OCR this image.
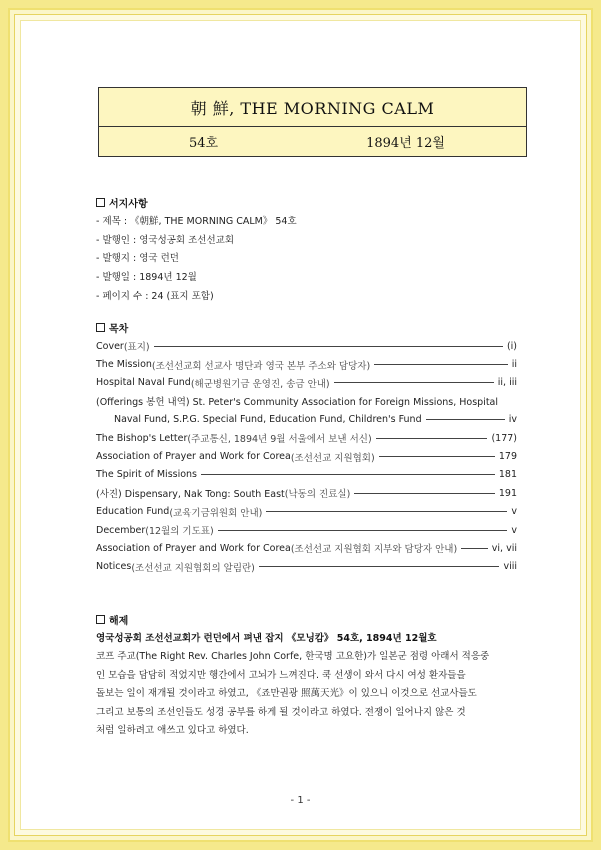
朝 鮮, THE MORNING CALM
54호	1894년 12월
서지사항
- 제목 : 《朝鮮, THE MORNING CALM》 54호
- 발행인 : 영국성공회 조선선교회
- 발행지 : 영국 런던
- 발행일 : 1894년 12월
- 페이지 수 : 24 (표지 포함)
목차
Cover (표지)	(i)
The Mission (조선선교회 선교사 명단과 영국 본부 주소와 담당자)	ii
Hospital Naval Fund (해군병원기금 운영진, 송금 안내)	ii, iii
(Offerings 봉헌 내역) St. Peter's Community Association for Foreign Missions, Hospital
Naval Fund, S.P.G. Special Fund, Education Fund, Children's Fund	iv
The Bishop's Letter (주교통신, 1894년 9월 서울에서 보낸 서신)	(177)
Association of Prayer and Work for Corea (조선선교 지원협회)	179
The Spirit of Missions	181
(사진) Dispensary, Nak Tong: South East (낙동의 진료실)	191
Education Fund (교육기금위원회 안내)	v
December (12월의 기도표)	v
Association of Prayer and Work for Corea (조선선교 지원협회 지부와 담당자 안내)	vi, vii
Notices (조선선교 지원협회의 알림란)	viii
해제
영국성공회 조선선교회가 런던에서 펴낸 잡지 《모닝캄》 54호, 1894년 12월호
코프 주교(The Right Rev. Charles John Corfe, 한국명 고요한)가 일본군 점령 아래서 적응중
인 모습을 담담히 적었지만 행간에서 고뇌가 느껴진다. 쿡 선생이 와서 다시 여성 환자들을
돌보는 일이 재개될 것이라고 하였고, 《죠만권광 照萬天光》이 있으니 이것으로 선교사들도
그리고 보통의 조선인들도 성경 공부를 하게 될 것이라고 하였다. 전쟁이 일어나지 않은 것
처럼 일하려고 애쓰고 있다고 하였다.
- 1 -
